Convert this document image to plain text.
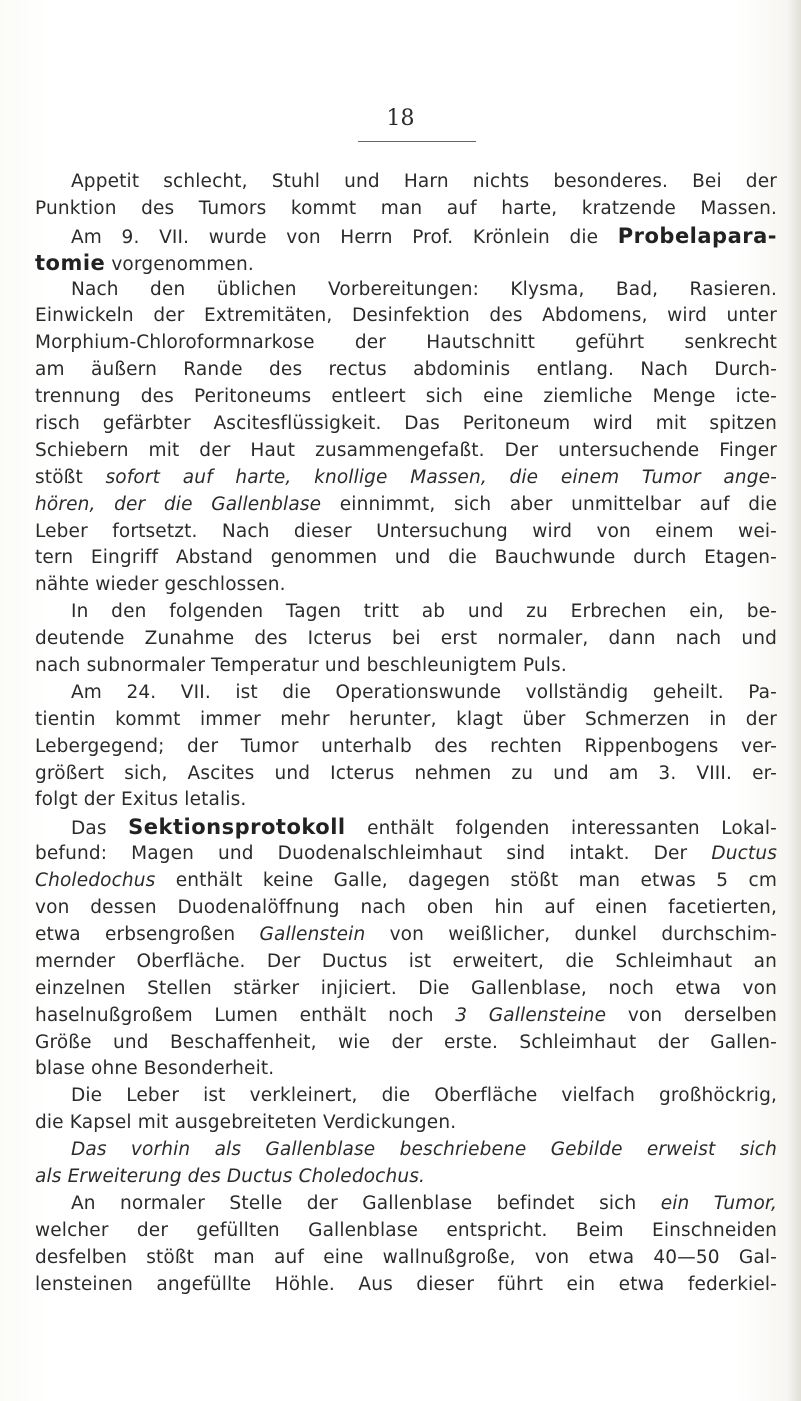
18
Appetit schlecht, Stuhl und Harn nichts besonderes. Bei der
Punktion des Tumors kommt man auf harte, kratzende Massen.
Am 9. VII. wurde von Herrn Prof. Krönlein die Probelapara-
tomie vorgenommen.
Nach den üblichen Vorbereitungen: Klysma, Bad, Rasieren.
Einwickeln der Extremitäten, Desinfektion des Abdomens, wird unter
Morphium-Chloroformnarkose der Hautschnitt geführt senkrecht
am äußern Rande des rectus abdominis entlang. Nach Durch-
trennung des Peritoneums entleert sich eine ziemliche Menge icte-
risch gefärbter Ascitesflüssigkeit. Das Peritoneum wird mit spitzen
Schiebern mit der Haut zusammengefaßt. Der untersuchende Finger
stößt sofort auf harte, knollige Massen, die einem Tumor ange-
hören, der die Gallenblase einnimmt, sich aber unmittelbar auf die
Leber fortsetzt. Nach dieser Untersuchung wird von einem wei-
tern Eingriff Abstand genommen und die Bauchwunde durch Etagen-
nähte wieder geschlossen.
In den folgenden Tagen tritt ab und zu Erbrechen ein, be-
deutende Zunahme des Icterus bei erst normaler, dann nach und
nach subnormaler Temperatur und beschleunigtem Puls.
Am 24. VII. ist die Operationswunde vollständig geheilt. Pa-
tientin kommt immer mehr herunter, klagt über Schmerzen in der
Lebergegend; der Tumor unterhalb des rechten Rippenbogens ver-
größert sich, Ascites und Icterus nehmen zu und am 3. VIII. er-
folgt der Exitus letalis.
Das Sektionsprotokoll enthält folgenden interessanten Lokal-
befund: Magen und Duodenalschleimhaut sind intakt. Der Ductus
Choledochus enthält keine Galle, dagegen stößt man etwas 5 cm
von dessen Duodenalöffnung nach oben hin auf einen facetierten,
etwa erbsengroßen Gallenstein von weißlicher, dunkel durchschim-
mernder Oberfläche. Der Ductus ist erweitert, die Schleimhaut an
einzelnen Stellen stärker injiciert. Die Gallenblase, noch etwa von
haselnußgroßem Lumen enthält noch 3 Gallensteine von derselben
Größe und Beschaffenheit, wie der erste. Schleimhaut der Gallen-
blase ohne Besonderheit.
Die Leber ist verkleinert, die Oberfläche vielfach großhöckrig,
die Kapsel mit ausgebreiteten Verdickungen.
Das vorhin als Gallenblase beschriebene Gebilde erweist sich
als Erweiterung des Ductus Choledochus.
An normaler Stelle der Gallenblase befindet sich ein Tumor,
welcher der gefüllten Gallenblase entspricht. Beim Einschneiden
desfelben stößt man auf eine wallnußgroße, von etwa 40—50 Gal-
lensteinen angefüllte Höhle. Aus dieser führt ein etwa federkiel-
